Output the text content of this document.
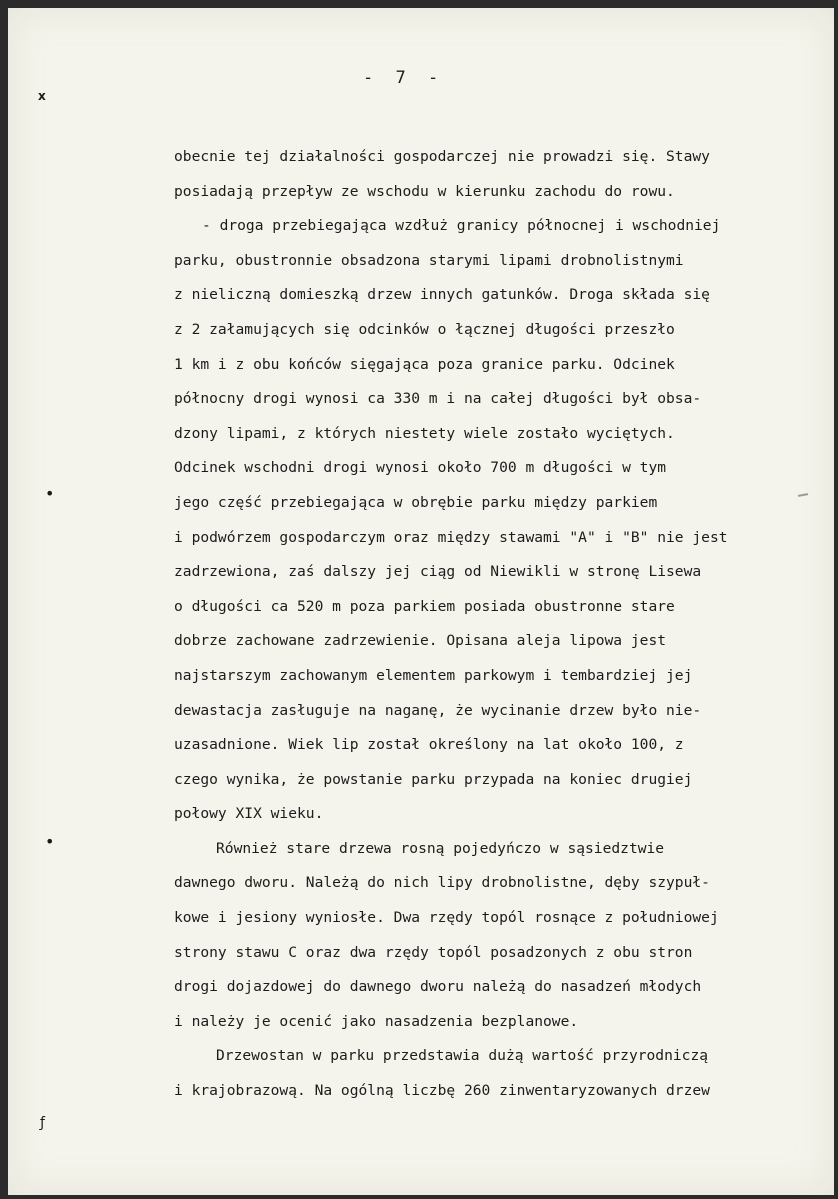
- 7 -
x
•
•
ƒ
obecnie tej działalności gospodarczej nie prowadzi się. Stawy
posiadają przepływ ze wschodu w kierunku zachodu do rowu.
- droga przebiegająca wzdłuż granicy północnej i wschodniej
parku, obustronnie obsadzona starymi lipami drobnolistnymi
z nieliczną domieszką drzew innych gatunków. Droga składa się
z 2 załamujących się odcinków o łącznej długości przeszło
1 km i z obu końców sięgająca poza granice parku. Odcinek
północny drogi wynosi ca 330 m i na całej długości był obsa-
dzony lipami, z których niestety wiele zostało wyciętych.
Odcinek wschodni drogi wynosi około 700 m długości w tym
jego część przebiegająca w obrębie parku między parkiem
i podwórzem gospodarczym oraz między stawami "A" i "B" nie jest
zadrzewiona, zaś dalszy jej ciąg od Niewikli w stronę Lisewa
o długości ca 520 m poza parkiem posiada obustronne stare
dobrze zachowane zadrzewienie. Opisana aleja lipowa jest
najstarszym zachowanym elementem parkowym i tembardziej jej
dewastacja zasługuje na naganę, że wycinanie drzew było nie-
uzasadnione. Wiek lip został określony na lat około 100, z
czego wynika, że powstanie parku przypada na koniec drugiej
połowy XIX wieku.
Również stare drzewa rosną pojedyńczo w sąsiedztwie
dawnego dworu. Należą do nich lipy drobnolistne, dęby szypuł-
kowe i jesiony wyniosłe. Dwa rzędy topól rosnące z południowej
strony stawu C oraz dwa rzędy topól posadzonych z obu stron
drogi dojazdowej do dawnego dworu należą do nasadzeń młodych
i należy je ocenić jako nasadzenia bezplanowe.
Drzewostan w parku przedstawia dużą wartość przyrodniczą
i krajobrazową. Na ogólną liczbę 260 zinwentaryzowanych drzew
